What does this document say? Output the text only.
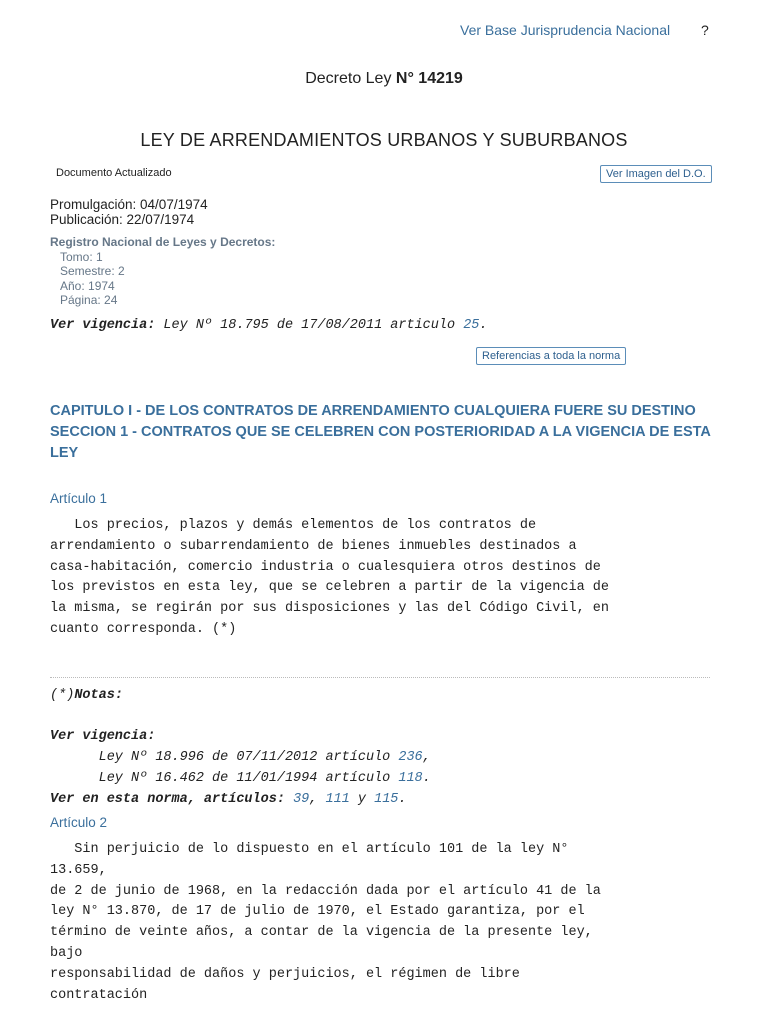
Ver Base Jurisprudencia Nacional ?
Decreto Ley N° 14219
LEY DE ARRENDAMIENTOS URBANOS Y SUBURBANOS
Documento Actualizado	Ver Imagen del D.O.
Promulgación: 04/07/1974
Publicación: 22/07/1974
Registro Nacional de Leyes y Decretos:
Tomo: 1
Semestre: 2
Año: 1974
Página: 24
Ver vigencia: Ley Nº 18.795 de 17/08/2011 articulo 25.
Referencias a toda la norma
CAPITULO I - DE LOS CONTRATOS DE ARRENDAMIENTO CUALQUIERA FUERE SU DESTINO
SECCION 1 - CONTRATOS QUE SE CELEBREN CON POSTERIORIDAD A LA VIGENCIA DE ESTA LEY
Artículo 1
Los precios, plazos y demás elementos de los contratos de
arrendamiento o subarrendamiento de bienes inmuebles destinados a
casa-habitación, comercio industria o cualesquiera otros destinos de
los previstos en esta ley, que se celebren a partir de la vigencia de
la misma, se regirán por sus disposiciones y las del Código Civil, en
cuanto corresponda. (*)
(*)Notas:
Ver vigencia:
Ley Nº 18.996 de 07/11/2012 artículo 236,
Ley Nº 16.462 de 11/01/1994 artículo 118.
Ver en esta norma, artículos: 39, 111 y 115.
Artículo 2
Sin perjuicio de lo dispuesto en el artículo 101 de la ley N°
13.659,
de 2 de junio de 1968, en la redacción dada por el artículo 41 de la
ley N° 13.870, de 17 de julio de 1970, el Estado garantiza, por el
término de veinte años, a contar de la vigencia de la presente ley,
bajo
responsabilidad de daños y perjuicios, el régimen de libre
contratación
